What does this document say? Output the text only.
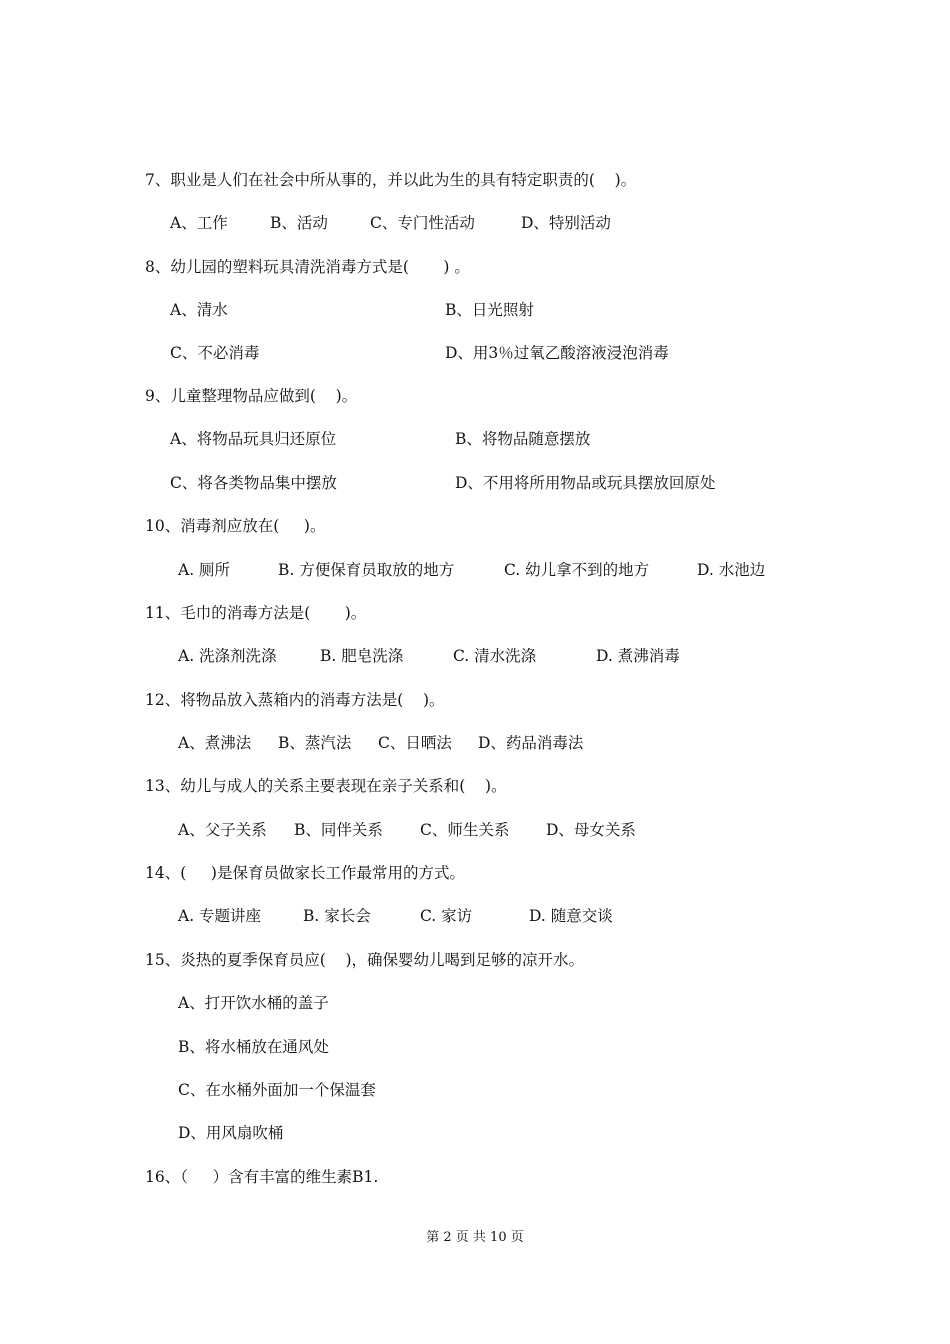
7、职业是人们在社会中所从事的，并以此为生的具有特定职责的(    )。
A、工作	B、活动	C、专门性活动	D、特别活动
8、幼儿园的塑料玩具清洗消毒方式是(       ) 。
A、清水	B、日光照射
C、不必消毒	D、用3％过氧乙酸溶液浸泡消毒
9、儿童整理物品应做到(    )。
A、将物品玩具归还原位	B、将物品随意摆放
C、将各类物品集中摆放	D、不用将所用物品或玩具摆放回原处
10、消毒剂应放在(     )。
A. 厕所	B. 方便保育员取放的地方	C. 幼儿拿不到的地方	D. 水池边
11、毛巾的消毒方法是(       )。
A. 洗涤剂洗涤	B. 肥皂洗涤	C. 清水洗涤	D. 煮沸消毒
12、将物品放入蒸箱内的消毒方法是(    )。
A、煮沸法 B、蒸汽法 C、日晒法 D、药品消毒法
13、幼儿与成人的关系主要表现在亲子关系和(    )。
A、父子关系 B、同伴关系 C、师生关系 D、母女关系
14、(     )是保育员做家长工作最常用的方式。
A. 专题讲座	B. 家长会	C. 家访	D. 随意交谈
15、炎热的夏季保育员应(    )，确保婴幼儿喝到足够的凉开水。
A、打开饮水桶的盖子
B、将水桶放在通风处
C、在水桶外面加一个保温套
D、用风扇吹桶
16、（     ）含有丰富的维生素B1.
第 2 页 共 10 页
